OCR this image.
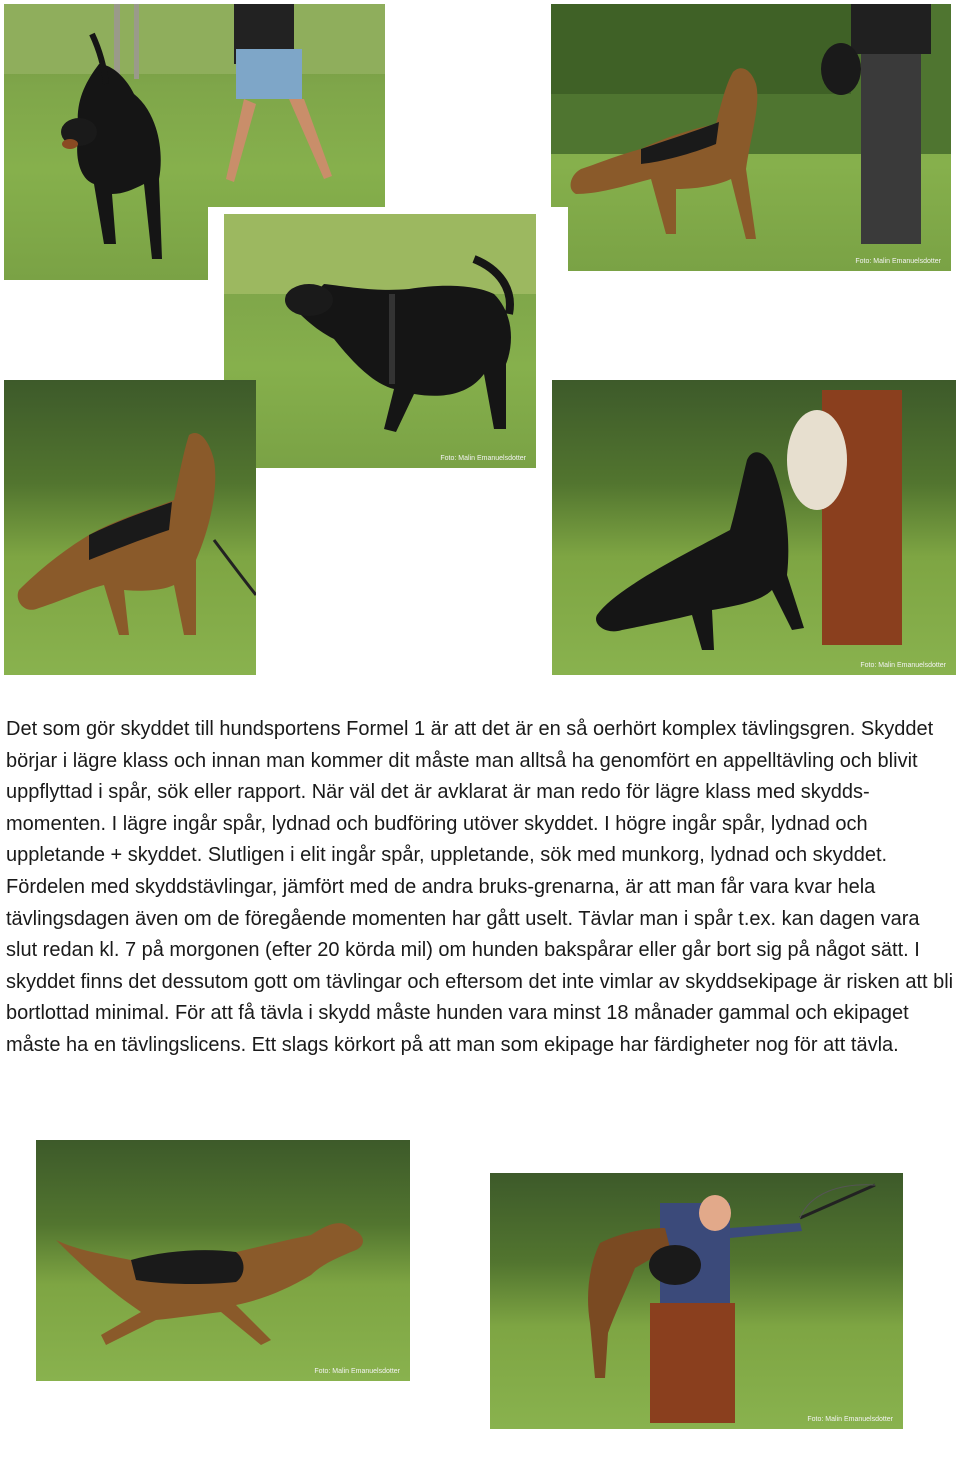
Foto: Malin Emanuelsdotter
Foto: Malin Emanuelsdotter
Foto: Malin Emanuelsdotter
Det som gör skyddet till hundsportens Formel 1 är att det är en så oerhört komplex tävlingsgren. Skyddet börjar i lägre klass och innan man kommer dit måste man alltså ha genomfört en appelltävling och blivit uppflyttad i spår, sök eller rapport. När väl det är avklarat är man redo för lägre klass med skydds-momenten. I lägre ingår spår, lydnad och budföring utöver skyddet. I högre ingår spår, lydnad och uppletande + skyddet. Slutligen i elit ingår spår, uppletande, sök med munkorg, lydnad och skyddet. Fördelen med skyddstävlingar, jämfört med de andra bruks-grenarna, är att man får vara kvar hela tävlingsdagen även om de föregående momenten har gått uselt. Tävlar man i spår t.ex. kan dagen vara slut redan kl. 7 på morgonen (efter 20 körda mil) om hunden bakspårar eller går bort sig på något sätt. I skyddet finns det dessutom gott om tävlingar och eftersom det inte vimlar av skyddsekipage är risken att bli bortlottad minimal. För att få tävla i skydd måste hunden vara minst 18 månader gammal och ekipaget måste ha en tävlingslicens. Ett slags körkort på att man som ekipage har färdigheter nog för att tävla.
Foto: Malin Emanuelsdotter
Foto: Malin Emanuelsdotter
